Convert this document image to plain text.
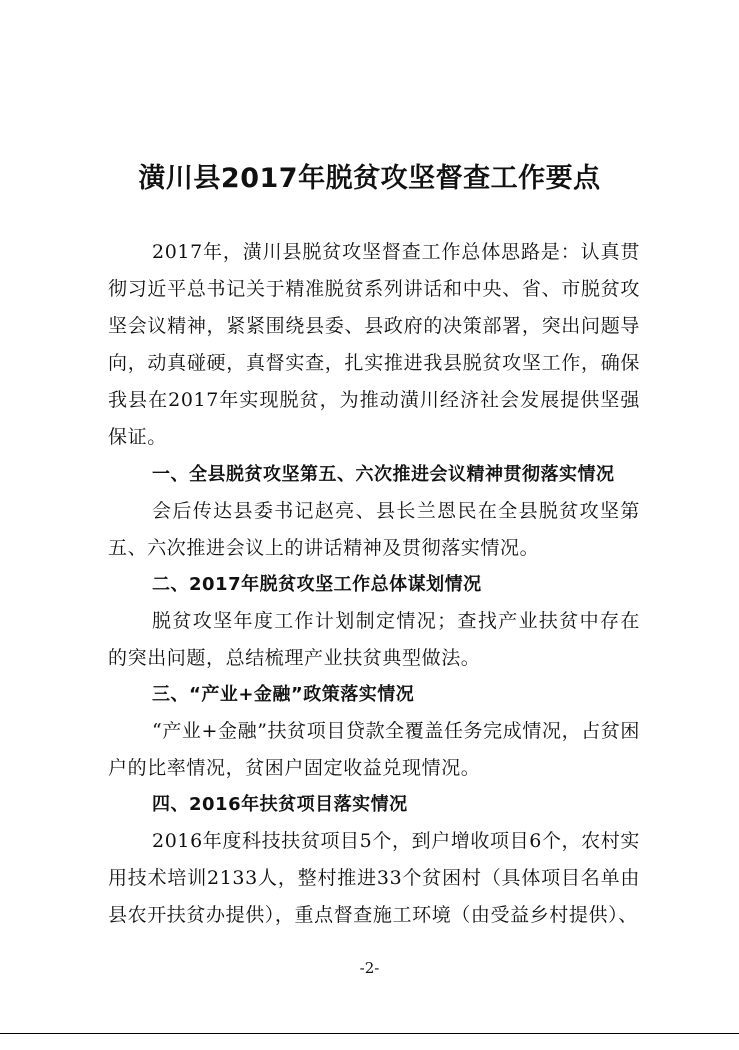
潢川县2017年脱贫攻坚督查工作要点

2017年，潢川县脱贫攻坚督查工作总体思路是：认真贯彻习近平总书记关于精准脱贫系列讲话和中央、省、市脱贫攻坚会议精神，紧紧围绕县委、县政府的决策部署，突出问题导向，动真碰硬，真督实查，扎实推进我县脱贫攻坚工作，确保我县在2017年实现脱贫，为推动潢川经济社会发展提供坚强保证。

一、全县脱贫攻坚第五、六次推进会议精神贯彻落实情况

会后传达县委书记赵亮、县长兰恩民在全县脱贫攻坚第五、六次推进会议上的讲话精神及贯彻落实情况。

二、2017年脱贫攻坚工作总体谋划情况

脱贫攻坚年度工作计划制定情况；查找产业扶贫中存在的突出问题，总结梳理产业扶贫典型做法。

三、“产业+金融”政策落实情况

“产业+金融”扶贫项目贷款全覆盖任务完成情况，占贫困户的比率情况，贫困户固定收益兑现情况。

四、2016年扶贫项目落实情况

2016年度科技扶贫项目5个，到户增收项目6个，农村实用技术培训2133人，整村推进33个贫困村（具体项目名单由县农开扶贫办提供），重点督查施工环境（由受益乡村提供）、

-2-
